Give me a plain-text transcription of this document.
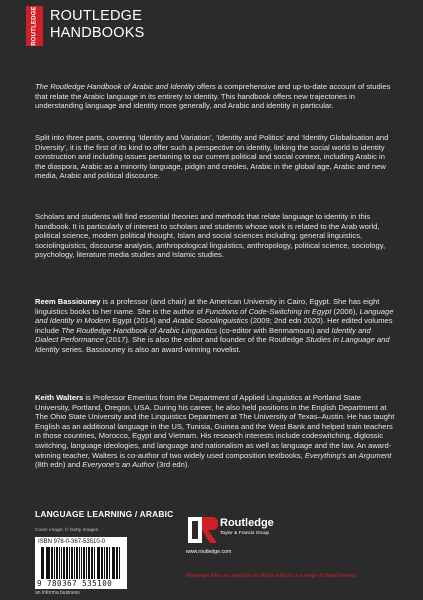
ROUTLEDGE ROUTLEDGE
HANDBOOKS

The Routledge Handbook of Arabic and Identity offers a comprehensive and up-to-date account of studies that relate the Arabic language in its entirety to identity. This handbook offers new trajectories in understanding language and identity more generally, and Arabic and identity in particular.

Split into three parts, covering ‘Identity and Variation’, ‘Identity and Politics’ and ‘Identity Globalisation and Diversity’, it is the first of its kind to offer such a perspective on identity, linking the social world to identity construction and including issues pertaining to our current political and social context, including Arabic in the diaspora, Arabic as a minority language, pidgin and creoles, Arabic in the global age, Arabic and new media, Arabic and political discourse.

Scholars and students will find essential theories and methods that relate language to identity in this handbook. It is particularly of interest to scholars and students whose work is related to the Arab world, political science, modern political thought, Islam and social sciences including: general linguistics, sociolinguistics, discourse analysis, anthropological linguistics, anthropology, political science, sociology, psychology, literature media studies and Islamic studies.

Reem Bassiouney is a professor (and chair) at the American University in Cairo, Egypt. She has eight linguistics books to her name. She is the author of Functions of Code-Switching in Egypt (2006), Language and Identity in Modern Egypt (2014) and Arabic Sociolinguistics (2009; 2nd edn 2020). Her edited volumes include The Routledge Handbook of Arabic Linguistics (co-editor with Benmamoun) and Identity and Dialect Performance (2017). She is also the editor and founder of the Routledge Studies in Language and Identity series. Bassiouney is also an award-winning novelist.

Keith Walters is Professor Emeritus from the Department of Applied Linguistics at Portland State University, Portland, Oregon, USA. During his career, he also held positions in the English Department at The Ohio State University and the Linguistics Department at The University of Texas–Austin. He has taught English as an additional language in the US, Tunisia, Guinea and the West Bank and helped train teachers in those countries, Morocco, Egypt and Vietnam. His research interests include codeswitching, diglossic switching, language ideologies, and language and nationalism as well as language and the law. An award-winning teacher, Walters is co-author of two widely used composition textbooks, Everything’s an Argument (8th edn) and Everyone’s an Author (3rd edn).

LANGUAGE LEARNING / ARABIC
Cover image: © Getty Images
ISBN 978-0-367-53510-0
9 780367 535100
an informa business
Routledge
Taylor & Francis Group
www.routledge.com
Routledge titles are available as eBook editions in a range of digital formats
